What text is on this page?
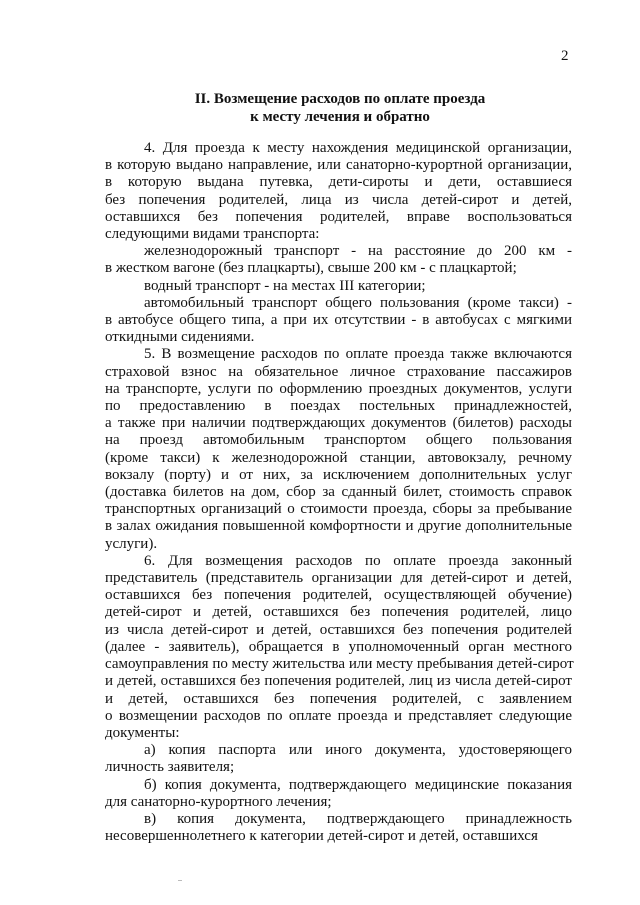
2
II. Возмещение расходов по оплате проезда
к месту лечения и обратно
4. Для проезда к месту нахождения медицинской организации,
в которую выдано направление, или санаторно-курортной организации,
в которую выдана путевка, дети-сироты и дети, оставшиеся
без попечения родителей, лица из числа детей-сирот и детей,
оставшихся без попечения родителей, вправе воспользоваться
следующими видами транспорта:
железнодорожный транспорт - на расстояние до 200 км -
в жестком вагоне (без плацкарты), свыше 200 км - с плацкартой;
водный транспорт - на местах III категории;
автомобильный транспорт общего пользования (кроме такси) -
в автобусе общего типа, а при их отсутствии - в автобусах с мягкими
откидными сидениями.
5. В возмещение расходов по оплате проезда также включаются
страховой взнос на обязательное личное страхование пассажиров
на транспорте, услуги по оформлению проездных документов, услуги
по предоставлению в поездах постельных принадлежностей,
а также при наличии подтверждающих документов (билетов) расходы
на проезд автомобильным транспортом общего пользования
(кроме такси) к железнодорожной станции, автовокзалу, речному
вокзалу (порту) и от них, за исключением дополнительных услуг
(доставка билетов на дом, сбор за сданный билет, стоимость справок
транспортных организаций о стоимости проезда, сборы за пребывание
в залах ожидания повышенной комфортности и другие дополнительные
услуги).
6. Для возмещения расходов по оплате проезда законный
представитель (представитель организации для детей-сирот и детей,
оставшихся без попечения родителей, осуществляющей обучение)
детей-сирот и детей, оставшихся без попечения родителей, лицо
из числа детей-сирот и детей, оставшихся без попечения родителей
(далее - заявитель), обращается в уполномоченный орган местного
самоуправления по месту жительства или месту пребывания детей-сирот
и детей, оставшихся без попечения родителей, лиц из числа детей-сирот
и детей, оставшихся без попечения родителей, с заявлением
о возмещении расходов по оплате проезда и представляет следующие
документы:
а) копия паспорта или иного документа, удостоверяющего
личность заявителя;
б) копия документа, подтверждающего медицинские показания
для санаторно-курортного лечения;
в) копия документа, подтверждающего принадлежность
несовершеннолетнего к категории детей-сирот и детей, оставшихся
